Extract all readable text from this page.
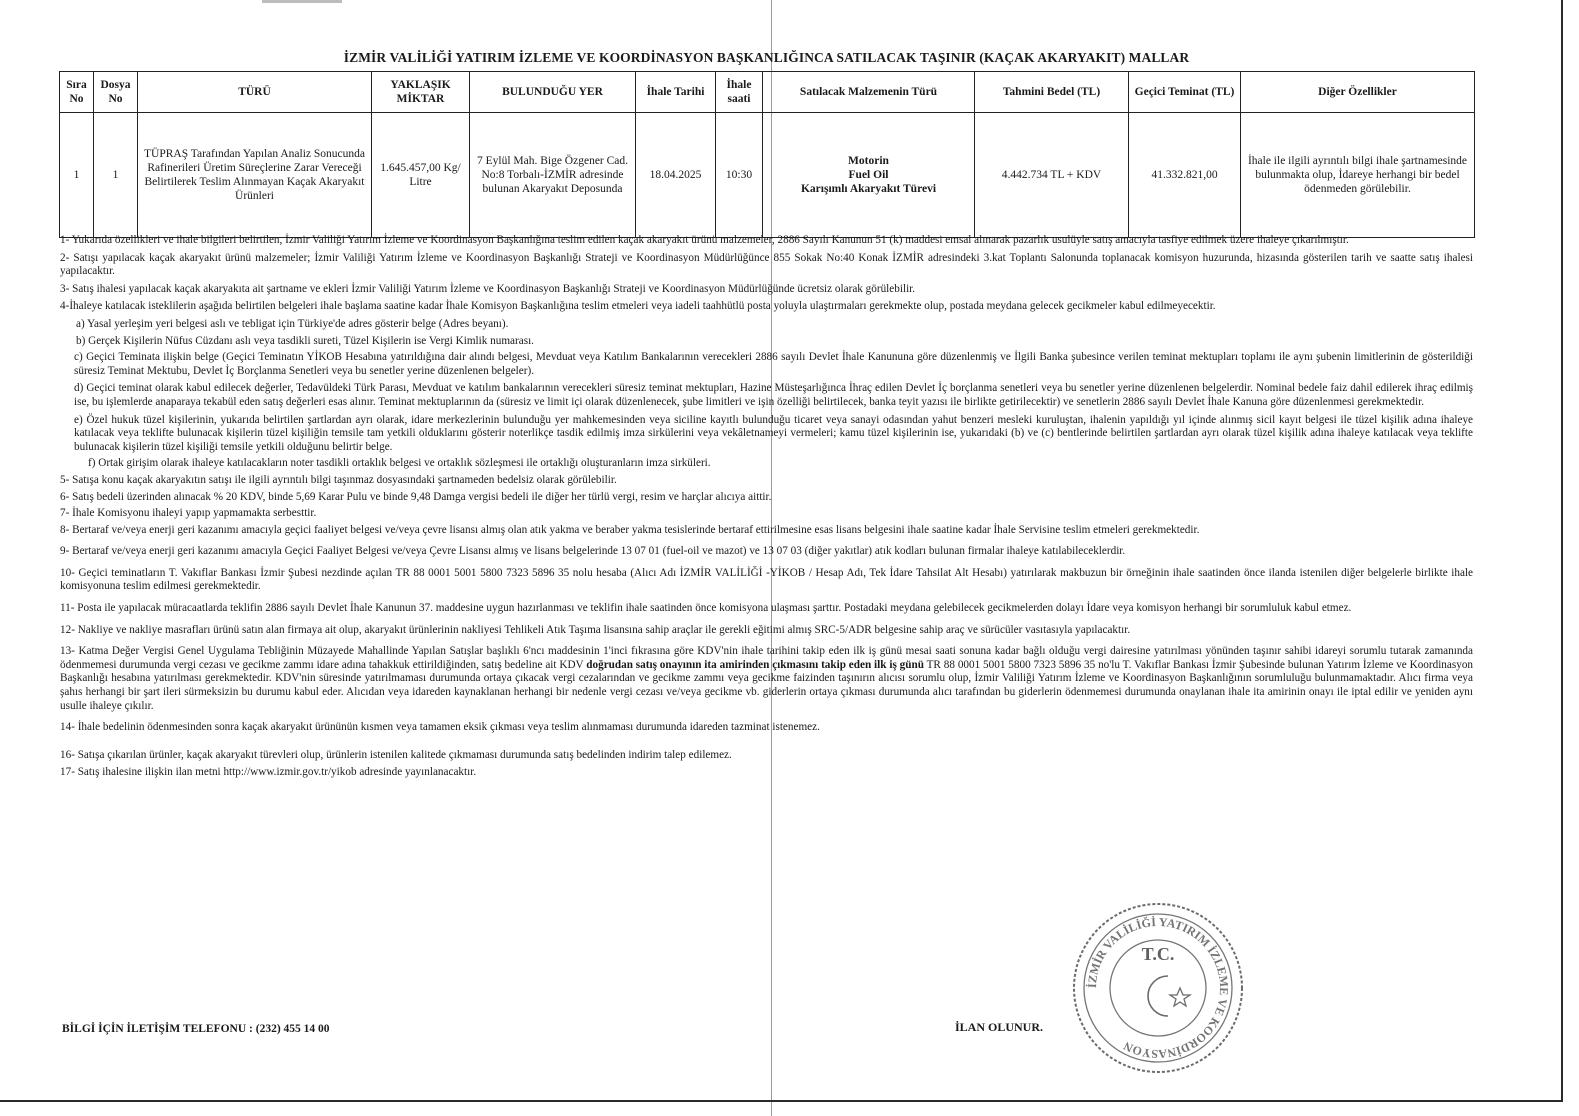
İZMİR VALİLİĞİ YATIRIM İZLEME VE KOORDİNASYON BAŞKANLIĞINCA SATILACAK TAŞINIR (KAÇAK AKARYAKIT) MALLAR
Sıra No	Dosya No	TÜRÜ	YAKLAŞIK MİKTAR	BULUNDUĞU YER	İhale Tarihi	İhale saati	Satılacak Malzemenin Türü	Tahmini Bedel (TL)	Geçici Teminat (TL)	Diğer Özellikler
1	1	TÜPRAŞ Tarafından Yapılan Analiz Sonucunda Rafinerileri Üretim Süreçlerine Zarar Vereceği Belirtilerek Teslim Alınmayan Kaçak Akaryakıt Ürünleri	1.645.457,00 Kg/ Litre	7 Eylül Mah. Bige Özgener Cad. No:8 Torbalı-İZMİR adresinde bulunan Akaryakıt Deposunda	18.04.2025	10:30	Motorin
Fuel Oil
Karışımlı Akaryakıt Türevi	4.442.734 TL + KDV	41.332.821,00	İhale ile ilgili ayrıntılı bilgi ihale şartnamesinde bulunmakta olup, İdareye herhangi bir bedel ödenmeden görülebilir.

1- Yukarıda özellikleri ve ihale bilgileri belirtilen, İzmir Valiliği Yatırım İzleme ve Koordinasyon Başkanlığına teslim edilen kaçak akaryakıt ürünü malzemeler, 2886 Sayılı Kanunun 51 (k) maddesi emsal alınarak pazarlık usulüyle satış amacıyla tasfiye edilmek üzere ihaleye çıkarılmıştır.

2- Satışı yapılacak kaçak akaryakıt ürünü malzemeler; İzmir Valiliği Yatırım İzleme ve Koordinasyon Başkanlığı Strateji ve Koordinasyon Müdürlüğünce 855 Sokak No:40 Konak İZMİR adresindeki 3.kat Toplantı Salonunda toplanacak komisyon huzurunda, hizasında gösterilen tarih ve saatte satış ihalesi yapılacaktır.

3- Satış ihalesi yapılacak kaçak akaryakıta ait şartname ve ekleri İzmir Valiliği Yatırım İzleme ve Koordinasyon Başkanlığı Strateji ve Koordinasyon Müdürlüğünde ücretsiz olarak görülebilir.

4-İhaleye katılacak isteklilerin aşağıda belirtilen belgeleri ihale başlama saatine kadar İhale Komisyon Başkanlığına teslim etmeleri veya iadeli taahhütlü posta yoluyla ulaştırmaları gerekmekte olup, postada meydana gelecek gecikmeler kabul edilmeyecektir.

a) Yasal yerleşim yeri belgesi aslı ve tebligat için Türkiye'de adres gösterir belge (Adres beyanı).

b) Gerçek Kişilerin Nüfus Cüzdanı aslı veya tasdikli sureti, Tüzel Kişilerin ise Vergi Kimlik numarası.

c) Geçici Teminata ilişkin belge (Geçici Teminatın YİKOB Hesabına yatırıldığına dair alındı belgesi, Mevduat veya Katılım Bankalarının verecekleri 2886 sayılı Devlet İhale Kanununa göre düzenlenmiş ve İlgili Banka şubesince verilen teminat mektupları toplamı ile aynı şubenin limitlerinin de gösterildiği süresiz Teminat Mektubu, Devlet İç Borçlanma Senetleri veya bu senetler yerine düzenlenen belgeler).

d) Geçici teminat olarak kabul edilecek değerler, Tedavüldeki Türk Parası, Mevduat ve katılım bankalarının verecekleri süresiz teminat mektupları, Hazine Müsteşarlığınca İhraç edilen Devlet İç borçlanma senetleri veya bu senetler yerine düzenlenen belgelerdir. Nominal bedele faiz dahil edilerek ihraç edilmiş ise, bu işlemlerde anaparaya tekabül eden satış değerleri esas alınır. Teminat mektuplarının da (süresiz ve limit içi olarak düzenlenecek, şube limitleri ve işin özelliği belirtilecek, banka teyit yazısı ile birlikte getirilecektir) ve senetlerin 2886 sayılı Devlet İhale Kanuna göre düzenlenmesi gerekmektedir.

e) Özel hukuk tüzel kişilerinin, yukarıda belirtilen şartlardan ayrı olarak, idare merkezlerinin bulunduğu yer mahkemesinden veya siciline kayıtlı bulunduğu ticaret veya sanayi odasından yahut benzeri mesleki kuruluştan, ihalenin yapıldığı yıl içinde alınmış sicil kayıt belgesi ile tüzel kişilik adına ihaleye katılacak veya teklifte bulunacak kişilerin tüzel kişiliğin temsile tam yetkili olduklarını gösterir noterlikçe tasdik edilmiş imza sirkülerini veya vekâletnameyi vermeleri; kamu tüzel kişilerinin ise, yukarıdaki (b) ve (c) bentlerinde belirtilen şartlardan ayrı olarak tüzel kişilik adına ihaleye katılacak veya teklifte bulunacak kişilerin tüzel kişiliği temsile yetkili olduğunu belirtir belge.

f) Ortak girişim olarak ihaleye katılacakların noter tasdikli ortaklık belgesi ve ortaklık sözleşmesi ile ortaklığı oluşturanların imza sirküleri.

5- Satışa konu kaçak akaryakıtın satışı ile ilgili ayrıntılı bilgi taşınmaz dosyasındaki şartnameden bedelsiz olarak görülebilir.

6- Satış bedeli üzerinden alınacak % 20 KDV, binde 5,69 Karar Pulu ve binde 9,48 Damga vergisi bedeli ile diğer her türlü vergi, resim ve harçlar alıcıya aittir.

7- İhale Komisyonu ihaleyi yapıp yapmamakta serbesttir.

8- Bertaraf ve/veya enerji geri kazanımı amacıyla geçici faaliyet belgesi ve/veya çevre lisansı almış olan atık yakma ve beraber yakma tesislerinde bertaraf ettirilmesine esas lisans belgesini ihale saatine kadar İhale Servisine teslim etmeleri gerekmektedir.

9- Bertaraf ve/veya enerji geri kazanımı amacıyla Geçici Faaliyet Belgesi ve/veya Çevre Lisansı almış ve lisans belgelerinde 13 07 01 (fuel-oil ve mazot) ve 13 07 03 (diğer yakıtlar) atık kodları bulunan firmalar ihaleye katılabileceklerdir.

10- Geçici teminatların T. Vakıflar Bankası İzmir Şubesi nezdinde açılan TR 88 0001 5001 5800 7323 5896 35 nolu hesaba (Alıcı Adı İZMİR VALİLİĞİ -YİKOB / Hesap Adı, Tek İdare Tahsilat Alt Hesabı) yatırılarak makbuzun bir örneğinin ihale saatinden önce ilanda istenilen diğer belgelerle birlikte ihale komisyonuna teslim edilmesi gerekmektedir.

11- Posta ile yapılacak müracaatlarda teklifin 2886 sayılı Devlet İhale Kanunun 37. maddesine uygun hazırlanması ve teklifin ihale saatinden önce komisyona ulaşması şarttır. Postadaki meydana gelebilecek gecikmelerden dolayı İdare veya komisyon herhangi bir sorumluluk kabul etmez.

12- Nakliye ve nakliye masrafları ürünü satın alan firmaya ait olup, akaryakıt ürünlerinin nakliyesi Tehlikeli Atık Taşıma lisansına sahip araçlar ile gerekli eğitimi almış SRC-5/ADR belgesine sahip araç ve sürücüler vasıtasıyla yapılacaktır.

13- Katma Değer Vergisi Genel Uygulama Tebliğinin Müzayede Mahallinde Yapılan Satışlar başlıklı 6'ncı maddesinin 1'inci fıkrasına göre KDV'nin ihale tarihini takip eden ilk iş günü mesai saati sonuna kadar bağlı olduğu vergi dairesine yatırılması yönünden taşınır sahibi idareyi sorumlu tutarak zamanında ödenmemesi durumunda vergi cezası ve gecikme zammı idare adına tahakkuk ettirildiğinden, satış bedeline ait KDV doğrudan satış onayının ita amirinden çıkmasını takip eden ilk iş günü TR 88 0001 5001 5800 7323 5896 35 no'lu T. Vakıflar Bankası İzmir Şubesinde bulunan Yatırım İzleme ve Koordinasyon Başkanlığı hesabına yatırılması gerekmektedir. KDV'nin süresinde yatırılmaması durumunda ortaya çıkacak vergi cezalarından ve gecikme zammı veya gecikme faizinden taşınırın alıcısı sorumlu olup, İzmir Valiliği Yatırım İzleme ve Koordinasyon Başkanlığının sorumluluğu bulunmamaktadır. Alıcı firma veya şahıs herhangi bir şart ileri sürmeksizin bu durumu kabul eder. Alıcıdan veya idareden kaynaklanan herhangi bir nedenle vergi cezası ve/veya gecikme vb. giderlerin ortaya çıkması durumunda alıcı tarafından bu giderlerin ödenmemesi durumunda onaylanan ihale ita amirinin onayı ile iptal edilir ve yeniden aynı usulle ihaleye çıkılır.

14- İhale bedelinin ödenmesinden sonra kaçak akaryakıt ürününün kısmen veya tamamen eksik çıkması veya teslim alınmaması durumunda idareden tazminat istenemez.

16- Satışa çıkarılan ürünler, kaçak akaryakıt türevleri olup, ürünlerin istenilen kalitede çıkmaması durumunda satış bedelinden indirim talep edilemez.

17- Satış ihalesine ilişkin ilan metni http://www.izmir.gov.tr/yikob adresinde yayınlanacaktır.

BİLGİ İÇİN İLETİŞİM TELEFONU : (232) 455 14 00	İLAN OLUNUR.
İZMİR VALİLİĞİ YATIRIM İZLEME VE KOORDİNASYON
T.C.
